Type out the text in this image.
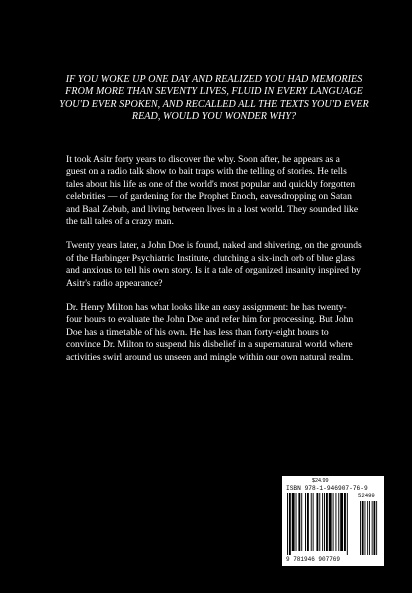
IF YOU WOKE UP ONE DAY AND REALIZED YOU HAD MEMORIES FROM MORE THAN SEVENTY LIVES, FLUID IN EVERY LANGUAGE YOU'D EVER SPOKEN, AND RECALLED ALL THE TEXTS YOU'D EVER READ, WOULD YOU WONDER WHY?

It took Asitr forty years to discover the why. Soon after, he appears as a guest on a radio talk show to bait traps with the telling of stories. He tells tales about his life as one of the world's most popular and quickly forgotten celebrities — of gardening for the Prophet Enoch, eavesdropping on Satan and Baal Zebub, and living between lives in a lost world. They sounded like the tall tales of a crazy man.

Twenty years later, a John Doe is found, naked and shivering, on the grounds of the Harbinger Psychiatric Institute, clutching a six-inch orb of blue glass and anxious to tell his own story. Is it a tale of organized insanity inspired by Asitr's radio appearance?

Dr. Henry Milton has what looks like an easy assignment: he has twenty-four hours to evaluate the John Doe and refer him for processing. But John Doe has a timetable of his own. He has less than forty-eight hours to convince Dr. Milton to suspend his disbelief in a supernatural world where activities swirl around us unseen and mingle within our own natural realm.

$24.99
ISBN 978-1-946907-76-9
52499
9 781946 907769
